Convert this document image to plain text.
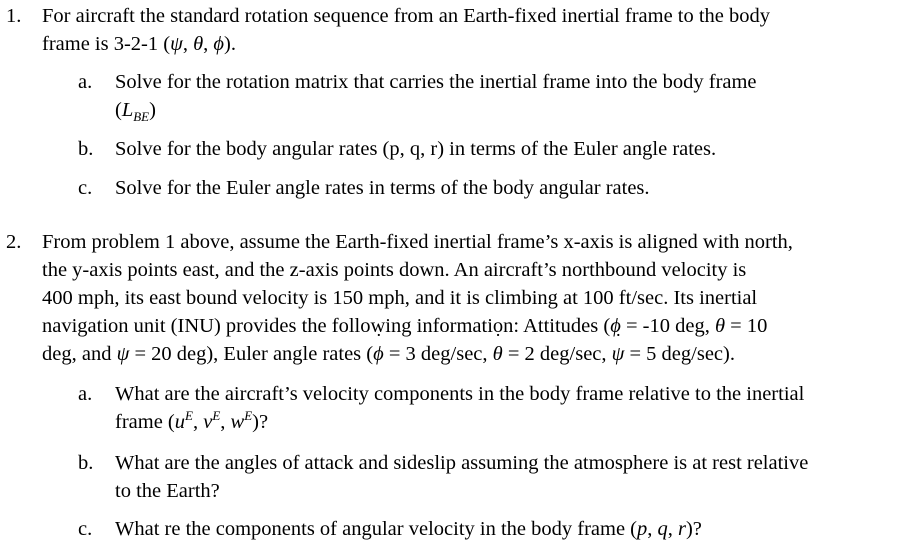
1. For aircraft the standard rotation sequence from an Earth-fixed inertial frame to the body
frame is 3-2-1 (ψ, θ, ϕ).
a. Solve for the rotation matrix that carries the inertial frame into the body frame
$(L_{BE})$
b. Solve for the body angular rates (p, q, r) in terms of the Euler angle rates.
c. Solve for the Euler angle rates in terms of the body angular rates.
2. From problem 1 above, assume the Earth-fixed inertial frame’s x-axis is aligned with north,
the y-axis points east, and the z-axis points down. An aircraft’s northbound velocity is
400 mph, its east bound velocity is 150 mph, and it is climbing at 100 ft/sec. Its inertial
navigation unit (INU) provides the following information: Attitudes (ϕ = -10 deg, θ = 10
deg, and ψ = 20 deg), Euler angle rates (ϕ ˙ = 3 deg/sec, θ ˙ = 2 deg/sec, ψ ˙ = 5 deg/sec).
a. What are the aircraft’s velocity components in the body frame relative to the inertial
frame ($u^E$, $v^E$, $w^E$)?
b. What are the angles of attack and sideslip assuming the atmosphere is at rest relative
to the Earth?
c. What re the components of angular velocity in the body frame (p, q, r)?
